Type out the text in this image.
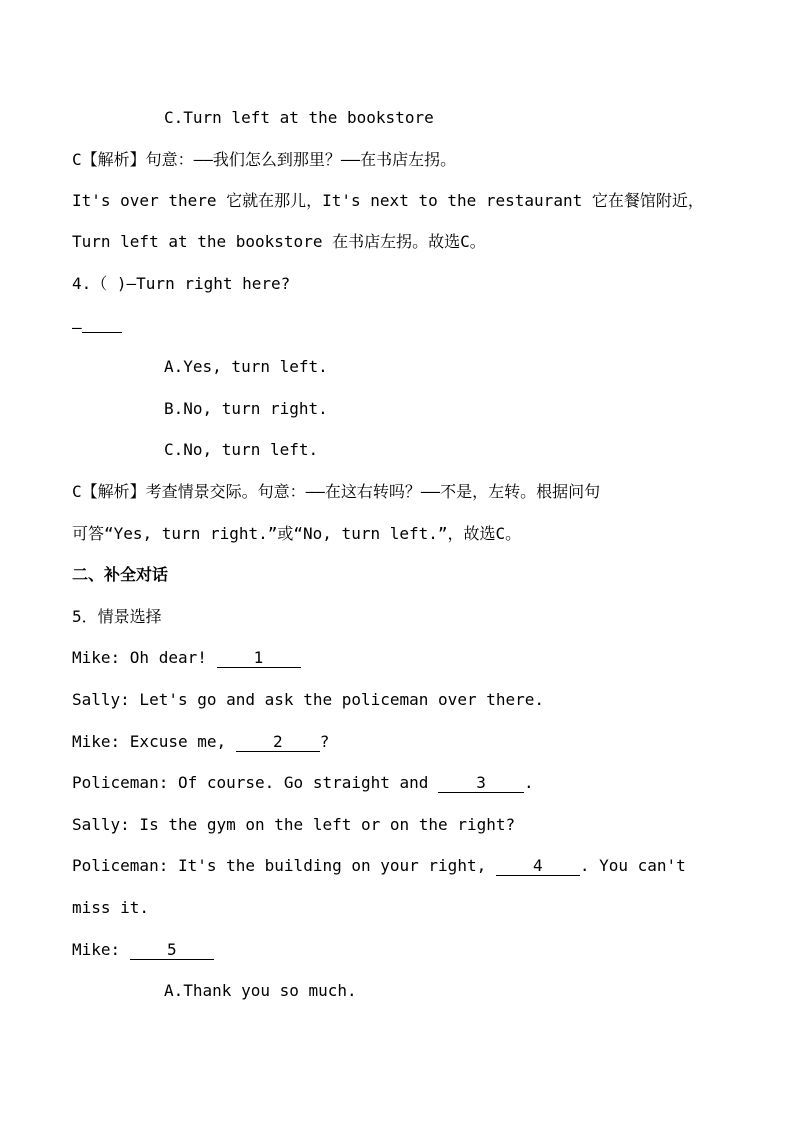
C.Turn left at the bookstore
C【解析】句意：——我们怎么到那里？——在书店左拐。
It's over there 它就在那儿，It's next to the restaurant 它在餐馆附近，
Turn left at the bookstore 在书店左拐。故选C。
4.（ )—Turn right here?
—
A.Yes, turn left.
B.No, turn right.
C.No, turn left.
C【解析】考查情景交际。句意：——在这右转吗？——不是，左转。根据问句
可答“Yes, turn right.”或“No, turn left.”，故选C。
二、补全对话
5．情景选择
Mike: Oh dear! 1
Sally: Let's go and ask the policeman over there.
Mike: Excuse me, 2 ?
Policeman: Of course. Go straight and 3 .
Sally: Is the gym on the left or on the right?
Policeman: It's the building on your right, 4 . You can't
miss it.
Mike: 5
A.Thank you so much.
